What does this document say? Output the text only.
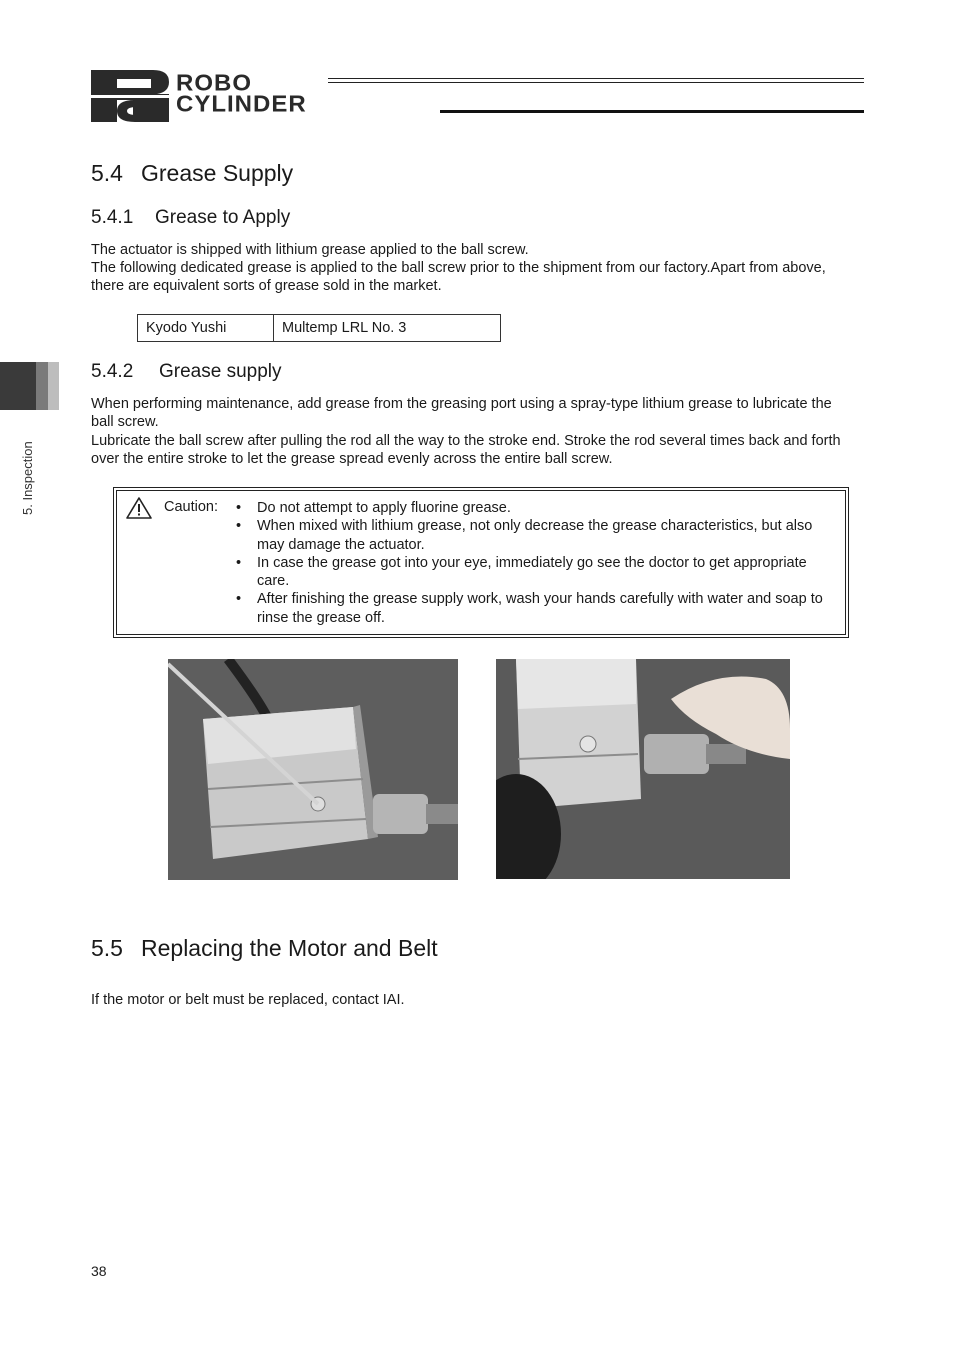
ROBO
CYLINDER
5. Inspection
5.4 Grease Supply
5.4.1 Grease to Apply

The actuator is shipped with lithium grease applied to the ball screw.

The following dedicated grease is applied to the ball screw prior to the shipment from our factory.Apart from above, there are equivalent sorts of grease sold in the market.

Kyodo Yushi	Multemp LRL No. 3
5.4.2 Grease supply

When performing maintenance, add grease from the greasing port using a spray-type lithium grease to lubricate the ball screw.

Lubricate the ball screw after pulling the rod all the way to the stroke end. Stroke the rod several times back and forth over the entire stroke to let the grease spread evenly across the entire ball screw.

Caution:
•	Do not attempt to apply fluorine grease.
• When mixed with lithium grease, not only decrease the grease characteristics, but also may damage the actuator.
• In case the grease got into your eye, immediately go see the doctor to get appropriate care.
• After finishing the grease supply work, wash your hands carefully with water and soap to rinse the grease off.
5.5 Replacing the Motor and Belt

If the motor or belt must be replaced, contact IAI.

38
